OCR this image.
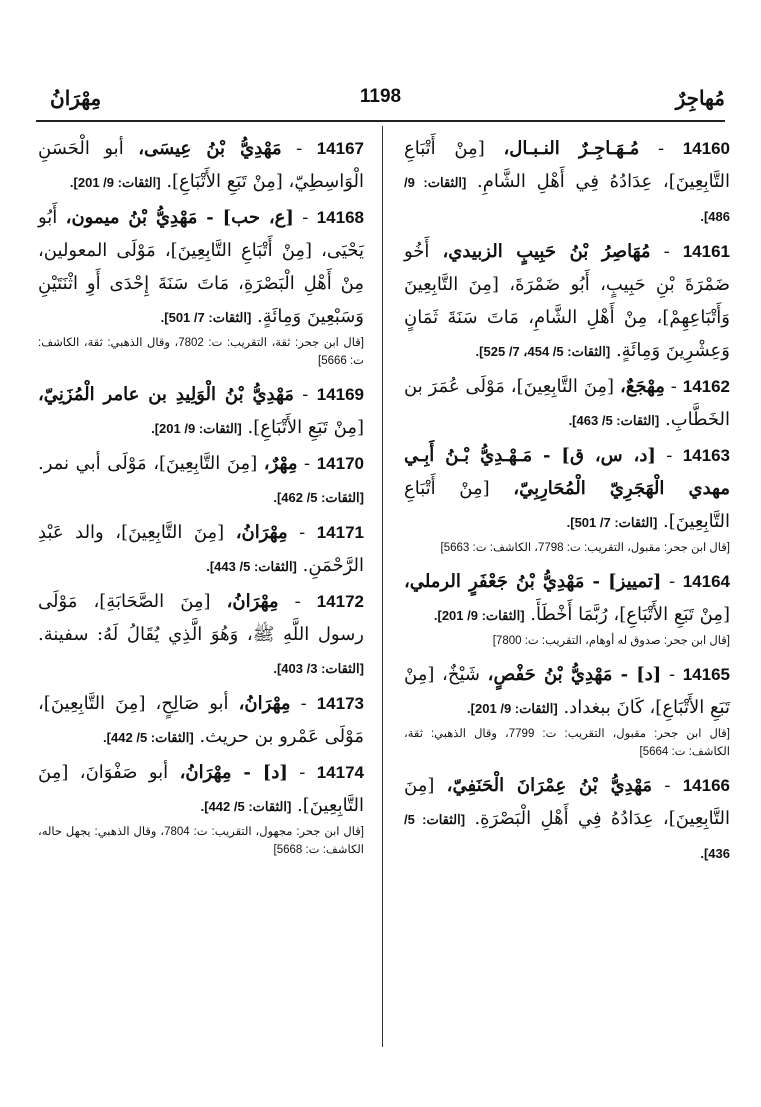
مِهْرَانُ	1198	مُهاجِرٌ
14160 - مُـهَـاجِـرٌ النـبـال، [مِنْ أَتْبَاعِ التَّابِعِينَ]، عِدَادُهُ فِي أَهْلِ الشَّامِ. [الثقات: 9/ 486].
14161 - مُهَاصِرُ بْنُ حَبِيبٍ الزبيدي، أَخُو ضَمْرَةَ بْنِ حَبِيبٍ، أَبُو ضَمْرَةَ، [مِنَ التَّابِعِينَ وَأَتْبَاعِهِمْ]، مِنْ أَهْلِ الشَّامِ، مَاتَ سَنَةَ ثَمَانٍ وَعِشْرِينَ وَمِائَةٍ. [الثقات: 5/ 454، 7/ 525].
14162 - مِهْجَعٌ، [مِنَ التَّابِعِينَ]، مَوْلَى عُمَرَ بن الخَطَّابِ. [الثقات: 5/ 463].
14163 - [د، س، ق] - مَـهْـدِيُّ بْـنُ أَبِـي مهدي الْهَجَرِيّ الْمُحَارِبِيّ، [مِنْ أَتْبَاعِ التَّابِعِينَ]. [الثقات: 7/ 501].
[قال ابن جحر: مقبول، التقريب: ت: 7798، الكاشف: ت: 5663]
14164 - [تمييز] - مَهْدِيُّ بْنُ جَعْفَرٍ الرملي، [مِنْ تَبَعِ الأَتْبَاعِ]، رُبَّمَا أَخْطَأَ. [الثقات: 9/ 201].
[قال ابن جحر: صدوق له أوهام، التقريب: ت: 7800]
14165 - [د] - مَهْدِيُّ بْنُ حَفْصٍ، شَيْخٌ، [مِنْ تَبَعِ الأَتْبَاعِ]، كَانَ ببغداد. [الثقات: 9/ 201].
[قال ابن جحر: مقبول، التقريب: ت: 7799، وقال الذهبي: ثقة، الكاشف: ت: 5664]
14166 - مَهْدِيُّ بْنُ عِمْرَانَ الْحَنَفِيّ، [مِنَ التَّابِعِينَ]، عِدَادُهُ فِي أَهْلِ الْبَصْرَةِ. [الثقات: 5/ 436].
14167 - مَهْدِيُّ بْنُ عِيسَى، أبو الْحَسَنِ الْوَاسِطِيّ، [مِنْ تَبَعِ الأَتْبَاعِ]. [الثقات: 9/ 201].
14168 - [ع، حب] - مَهْدِيُّ بْنُ ميمون، أَبُو يَحْيَى، [مِنْ أَتْبَاعِ التَّابِعِينَ]، مَوْلَى المعولين، مِنْ أَهْلِ الْبَصْرَةِ، مَاتَ سَنَةَ إِحْدَى أَوِ اثْنَتَيْنِ وَسَبْعِينَ وَمِائَةٍ. [الثقات: 7/ 501].
[قال ابن جحر: ثقة، التقريب: ت: 7802، وقال الذهبي: ثقة، الكاشف: ت: 5666]
14169 - مَهْدِيُّ بْنُ الْوَلِيدِ بن عامر الْمُزَنِيّ، [مِنْ تَبَعِ الأَتْبَاعِ]. [الثقات: 9/ 201].
14170 - مِهْرٌ، [مِنَ التَّابِعِينَ]، مَوْلَى أبي نمر. [الثقات: 5/ 462].
14171 - مِهْرَانُ، [مِنَ التَّابِعِينَ]، والد عَبْدِ الرَّحْمَنِ. [الثقات: 5/ 443].
14172 - مِهْرَانُ، [مِنَ الصَّحَابَةِ]، مَوْلَى رسول اللَّهِ ﷺ، وَهُوَ الَّذِي يُقَالُ لَهُ: سفينة. [الثقات: 3/ 403].
14173 - مِهْرَانُ، أبو صَالِحٍ، [مِنَ التَّابِعِينَ]، مَوْلَى عَمْرو بن حريث. [الثقات: 5/ 442].
14174 - [د] - مِهْرَانُ، أبو صَفْوَانَ، [مِنَ التَّابِعِينَ]. [الثقات: 5/ 442].
[قال ابن جحر: مجهول، التقريب: ت: 7804، وقال الذهبي: يجهل حاله، الكاشف: ت: 5668]
